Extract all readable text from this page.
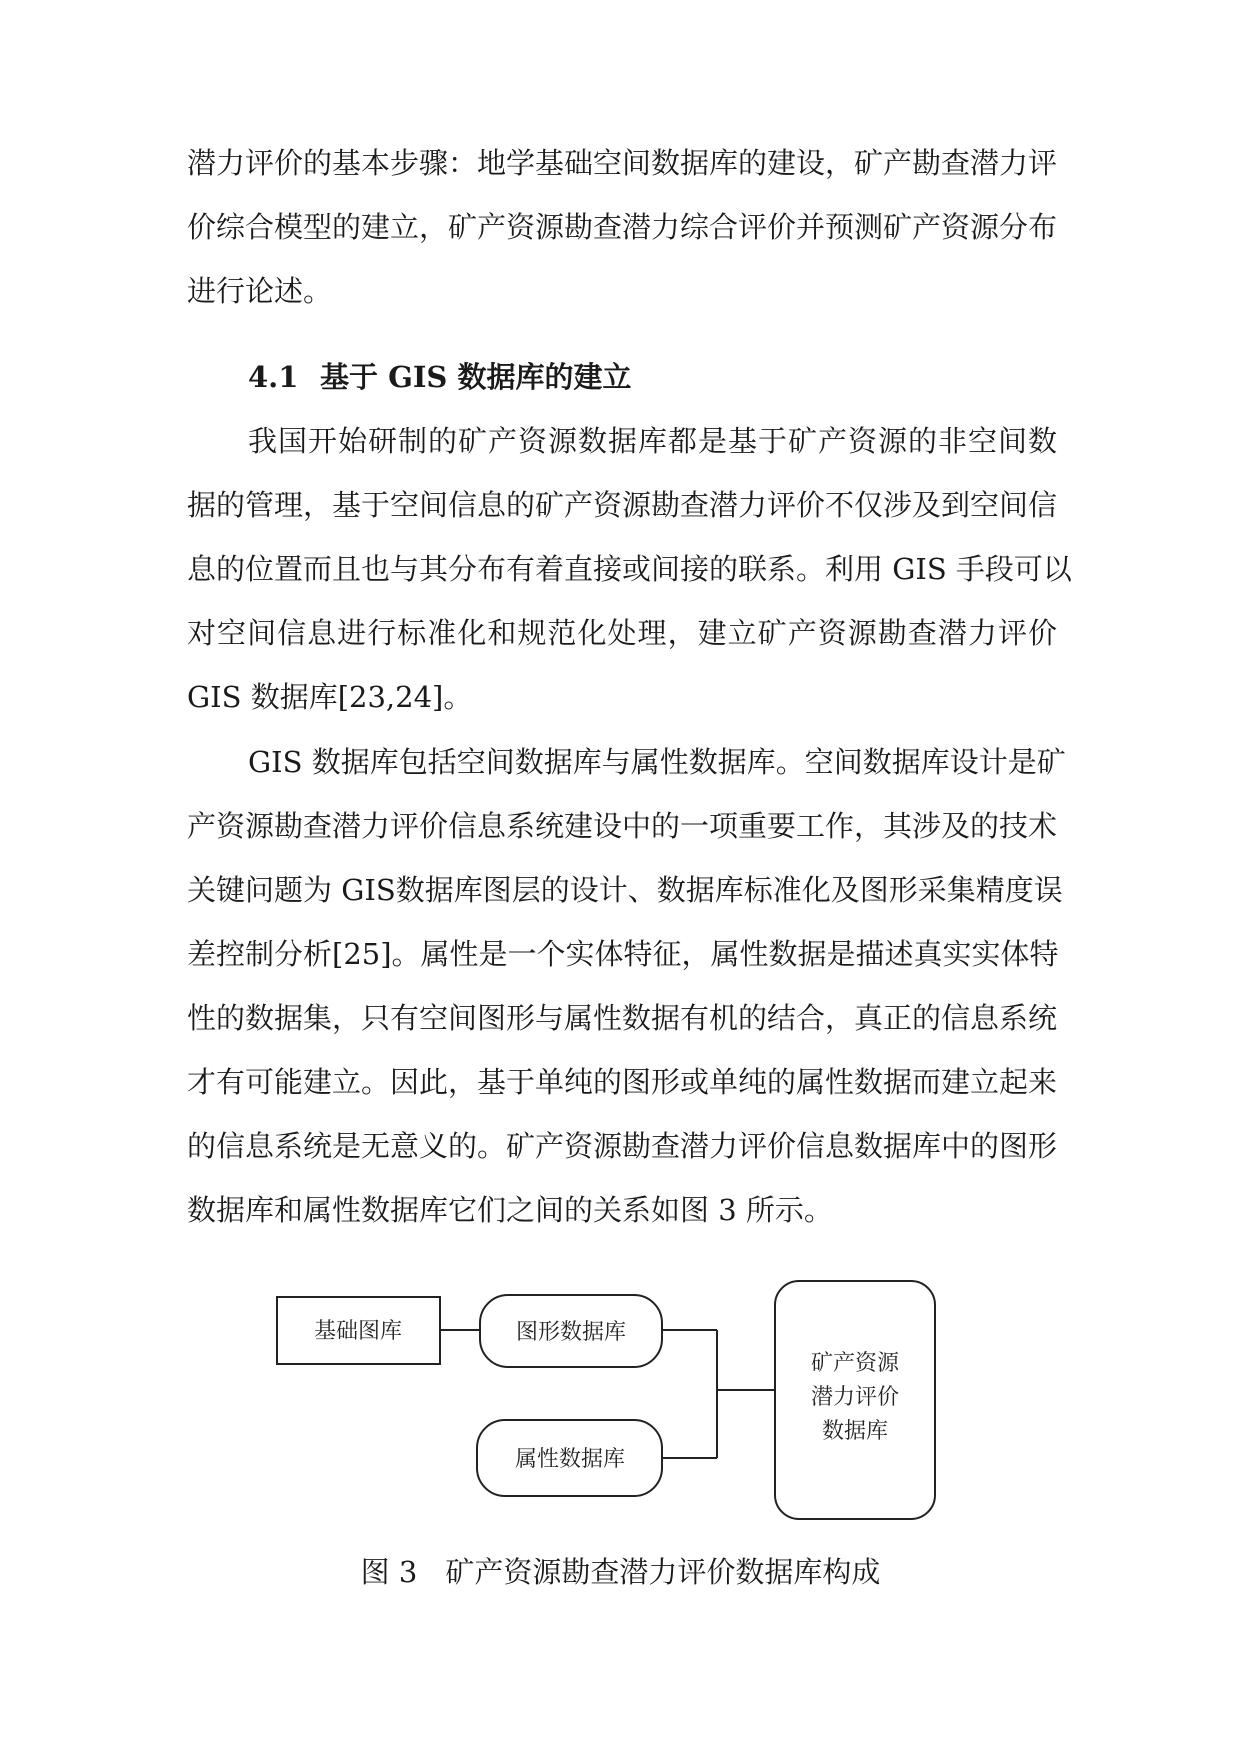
潜力评价的基本步骤：地学基础空间数据库的建设，矿产勘查潜力评
价综合模型的建立，矿产资源勘查潜力综合评价并预测矿产资源分布
进行论述。
4.1 基于 GIS 数据库的建立
我国开始研制的矿产资源数据库都是基于矿产资源的非空间数
据的管理，基于空间信息的矿产资源勘查潜力评价不仅涉及到空间信
息的位置而且也与其分布有着直接或间接的联系。利用 GIS 手段可以
对空间信息进行标准化和规范化处理，建立矿产资源勘查潜力评价
GIS 数据库[23,24]。
GIS 数据库包括空间数据库与属性数据库。空间数据库设计是矿
产资源勘查潜力评价信息系统建设中的一项重要工作，其涉及的技术
关键问题为 GIS数据库图层的设计、数据库标准化及图形采集精度误
差控制分析[25]。属性是一个实体特征，属性数据是描述真实实体特
性的数据集，只有空间图形与属性数据有机的结合，真正的信息系统
才有可能建立。因此，基于单纯的图形或单纯的属性数据而建立起来
的信息系统是无意义的。矿产资源勘查潜力评价信息数据库中的图形
数据库和属性数据库它们之间的关系如图 3 所示。
基础图库	图形数据库
属性数据库
矿产资源
潜力评价
数据库
图 3 矿产资源勘查潜力评价数据库构成
